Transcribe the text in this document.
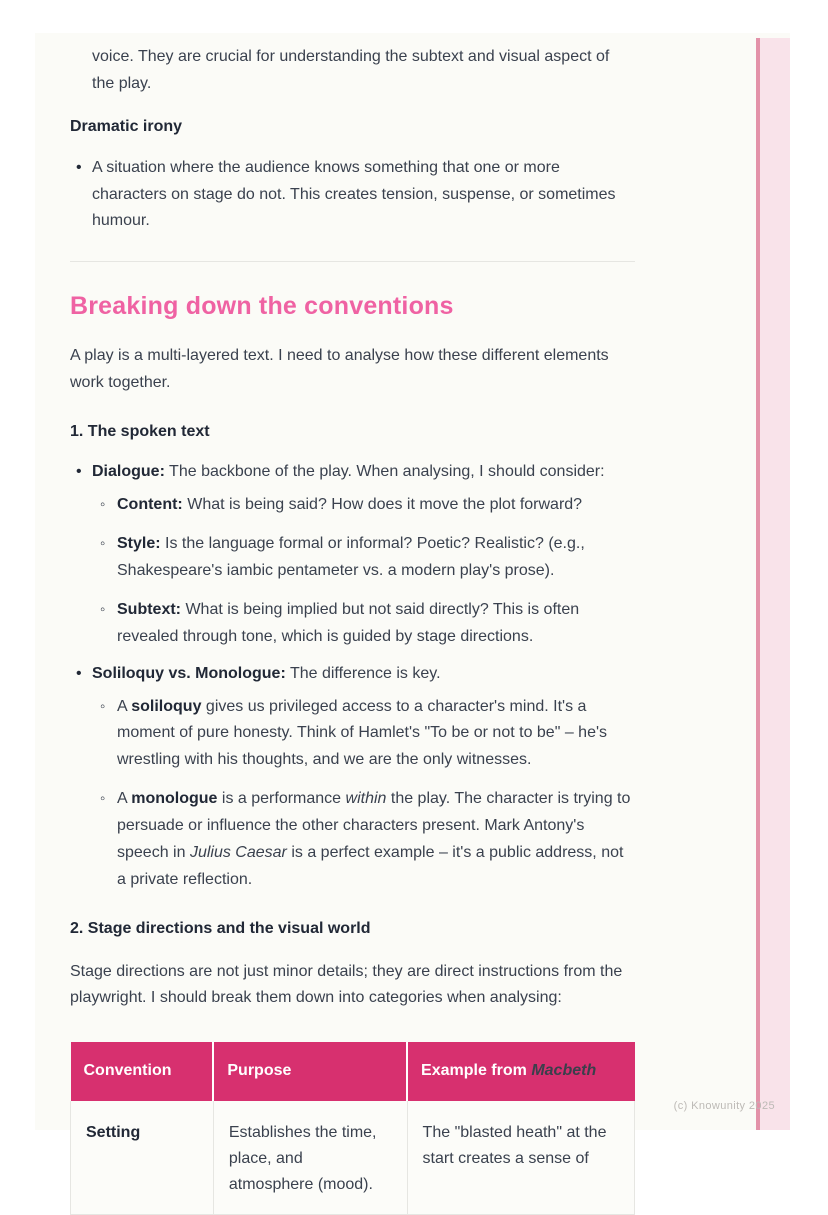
voice. They are crucial for understanding the subtext and visual aspect of the play.

Dramatic irony
• A situation where the audience knows something that one or more characters on stage do not. This creates tension, suspense, or sometimes humour.
Breaking down the conventions

A play is a multi-layered text. I need to analyse how these different elements work together.

1. The spoken text
• Dialogue: The backbone of the play. When analysing, I should consider:
◦ Content: What is being said? How does it move the plot forward?
◦ Style: Is the language formal or informal? Poetic? Realistic? (e.g., Shakespeare's iambic pentameter vs. a modern play's prose).
◦ Subtext: What is being implied but not said directly? This is often revealed through tone, which is guided by stage directions.
• Soliloquy vs. Monologue: The difference is key.
◦ A soliloquy gives us privileged access to a character's mind. It's a moment of pure honesty. Think of Hamlet's "To be or not to be" – he's wrestling with his thoughts, and we are the only witnesses.
◦ A monologue is a performance within the play. The character is trying to persuade or influence the other characters present. Mark Antony's speech in Julius Caesar is a perfect example – it's a public address, not a private reflection.
2. Stage directions and the visual world

Stage directions are not just minor details; they are direct instructions from the playwright. I should break them down into categories when analysing:

Convention	Purpose	Example from Macbeth
Setting	Establishes the time, place, and atmosphere (mood).	The "blasted heath" at the start creates a sense of
(c) Knowunity 2025
